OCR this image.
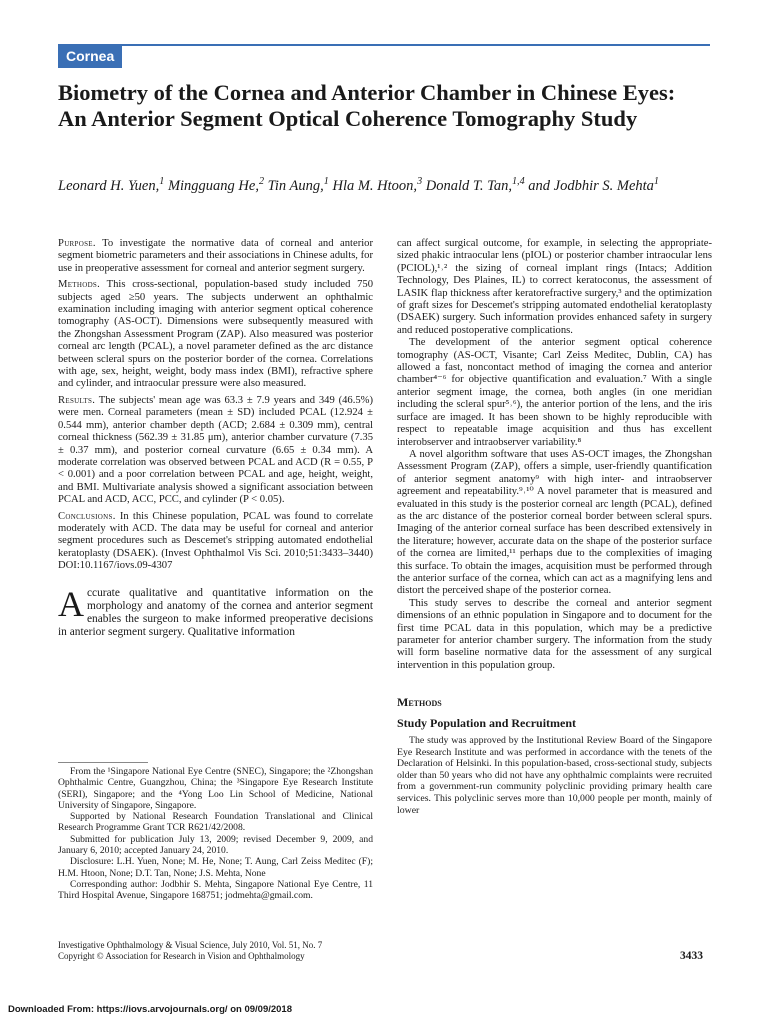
Cornea
Biometry of the Cornea and Anterior Chamber in Chinese Eyes: An Anterior Segment Optical Coherence Tomography Study

Leonard H. Yuen,$^1$ Mingguang He,$^2$ Tin Aung,$^1$ Hla M. Htoon,$^3$ Donald T. Tan,$^{1,4}$ and Jodbhir S. Mehta$^1$

Purpose. To investigate the normative data of corneal and anterior segment biometric parameters and their associations in Chinese adults, for use in preoperative assessment for corneal and anterior segment surgery.

Methods. This cross-sectional, population-based study included 750 subjects aged ≥50 years. The subjects underwent an ophthalmic examination including imaging with anterior segment optical coherence tomography (AS-OCT). Dimensions were subsequently measured with the Zhongshan Assessment Program (ZAP). Also measured was posterior corneal arc length (PCAL), a novel parameter defined as the arc distance between scleral spurs on the posterior border of the cornea. Correlations with age, sex, height, weight, body mass index (BMI), refractive sphere and cylinder, and intraocular pressure were also measured.

Results. The subjects' mean age was 63.3 ± 7.9 years and 349 (46.5%) were men. Corneal parameters (mean ± SD) included PCAL (12.924 ± 0.544 mm), anterior chamber depth (ACD; 2.684 ± 0.309 mm), central corneal thickness (562.39 ± 31.85 μm), anterior chamber curvature (7.35 ± 0.37 mm), and posterior corneal curvature (6.65 ± 0.34 mm). A moderate correlation was observed between PCAL and ACD (R = 0.55, P < 0.001) and a poor correlation between PCAL and age, height, weight, and BMI. Multivariate analysis showed a significant association between PCAL and ACD, ACC, PCC, and cylinder (P < 0.05).

Conclusions. In this Chinese population, PCAL was found to correlate moderately with ACD. The data may be useful for corneal and anterior segment procedures such as Descemet's stripping automated endothelial keratoplasty (DSAEK). (Invest Ophthalmol Vis Sci. 2010;51:3433–3440) DOI:10.1167/iovs.09-4307

Accurate qualitative and quantitative information on the morphology and anatomy of the cornea and anterior segment enables the surgeon to make informed preoperative decisions in anterior segment surgery. Qualitative information

From the ¹Singapore National Eye Centre (SNEC), Singapore; the ²Zhongshan Ophthalmic Centre, Guangzhou, China; the ³Singapore Eye Research Institute (SERI), Singapore; and the ⁴Yong Loo Lin School of Medicine, National University of Singapore, Singapore.

Supported by National Research Foundation Translational and Clinical Research Programme Grant TCR R621/42/2008.

Submitted for publication July 13, 2009; revised December 9, 2009, and January 6, 2010; accepted January 24, 2010.

Disclosure: L.H. Yuen, None; M. He, None; T. Aung, Carl Zeiss Meditec (F); H.M. Htoon, None; D.T. Tan, None; J.S. Mehta, None

Corresponding author: Jodbhir S. Mehta, Singapore National Eye Centre, 11 Third Hospital Avenue, Singapore 168751; jodmehta@gmail.com.

can affect surgical outcome, for example, in selecting the appropriate-sized phakic intraocular lens (pIOL) or posterior chamber intraocular lens (PCIOL),¹˒² the sizing of corneal implant rings (Intacs; Addition Technology, Des Plaines, IL) to correct keratoconus, the assessment of LASIK flap thickness after keratorefractive surgery,³ and the optimization of graft sizes for Descemet's stripping automated endothelial keratoplasty (DSAEK) surgery. Such information provides enhanced safety in surgery and reduced postoperative complications.

The development of the anterior segment optical coherence tomography (AS-OCT, Visante; Carl Zeiss Meditec, Dublin, CA) has allowed a fast, noncontact method of imaging the cornea and anterior chamber⁴⁻⁶ for objective quantification and evaluation.⁷ With a single anterior segment image, the cornea, both angles (in one meridian including the scleral spur⁵˒⁶), the anterior portion of the lens, and the iris surface are imaged. It has been shown to be highly reproducible with respect to repeatable image acquisition and thus has excellent interobserver and intraobserver variability.⁸

A novel algorithm software that uses AS-OCT images, the Zhongshan Assessment Program (ZAP), offers a simple, user-friendly quantification of anterior segment anatomy⁹ with high inter- and intraobserver agreement and repeatability.⁹˒¹⁰ A novel parameter that is measured and evaluated in this study is the posterior corneal arc length (PCAL), defined as the arc distance of the posterior corneal border between scleral spurs. Imaging of the anterior corneal surface has been described extensively in the literature; however, accurate data on the shape of the posterior surface of the cornea are limited,¹¹ perhaps due to the complexities of imaging this surface. To obtain the images, acquisition must be performed through the anterior surface of the cornea, which can act as a magnifying lens and distort the perceived shape of the posterior cornea.

This study serves to describe the corneal and anterior segment dimensions of an ethnic population in Singapore and to document for the first time PCAL data in this population, which may be a predictive parameter for anterior chamber surgery. The information from the study will form baseline normative data for the assessment of any surgical intervention in this population group.

Methods

Study Population and Recruitment

The study was approved by the Institutional Review Board of the Singapore Eye Research Institute and was performed in accordance with the tenets of the Declaration of Helsinki. In this population-based, cross-sectional study, subjects older than 50 years who did not have any ophthalmic complaints were recruited from a government-run community polyclinic providing primary health care services. This polyclinic serves more than 10,000 people per month, mainly of lower

Investigative Ophthalmology & Visual Science, July 2010, Vol. 51, No. 7
Copyright © Association for Research in Vision and Ophthalmology	3433
Downloaded From: https://iovs.arvojournals.org/ on 09/09/2018
